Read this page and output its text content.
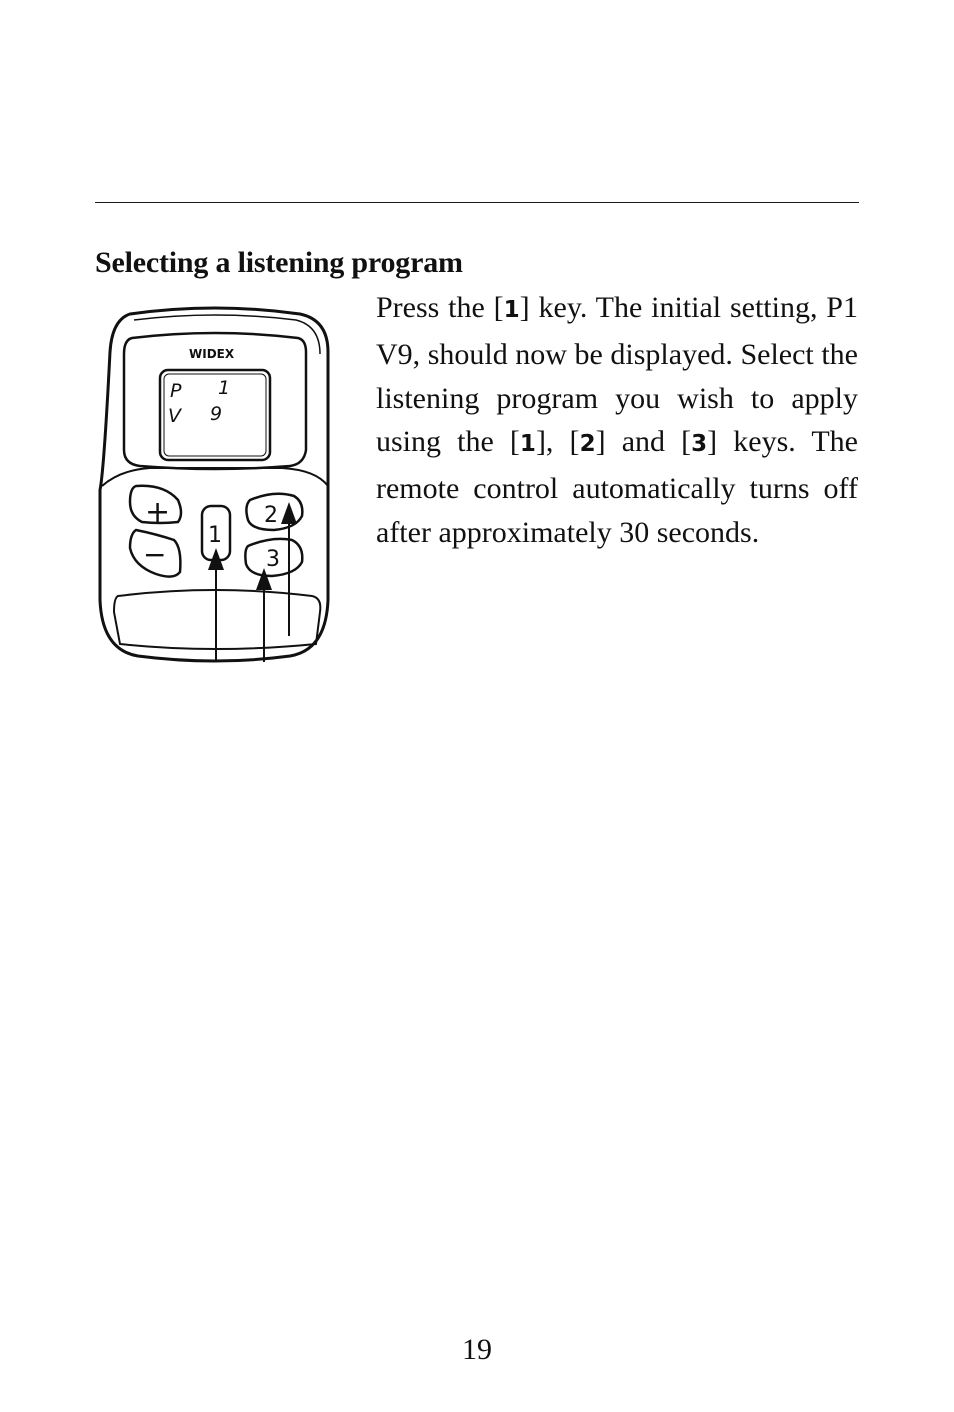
Selecting a listening program
WIDEX
P 1
V 9
+
−
1
2
3

Press the [1] key. The initial setting, P1 V9, should now be displayed. Select the listening program you wish to apply using the [1], [2] and [3] keys. The remote control automatically turns off after approximately 30 seconds.

19
